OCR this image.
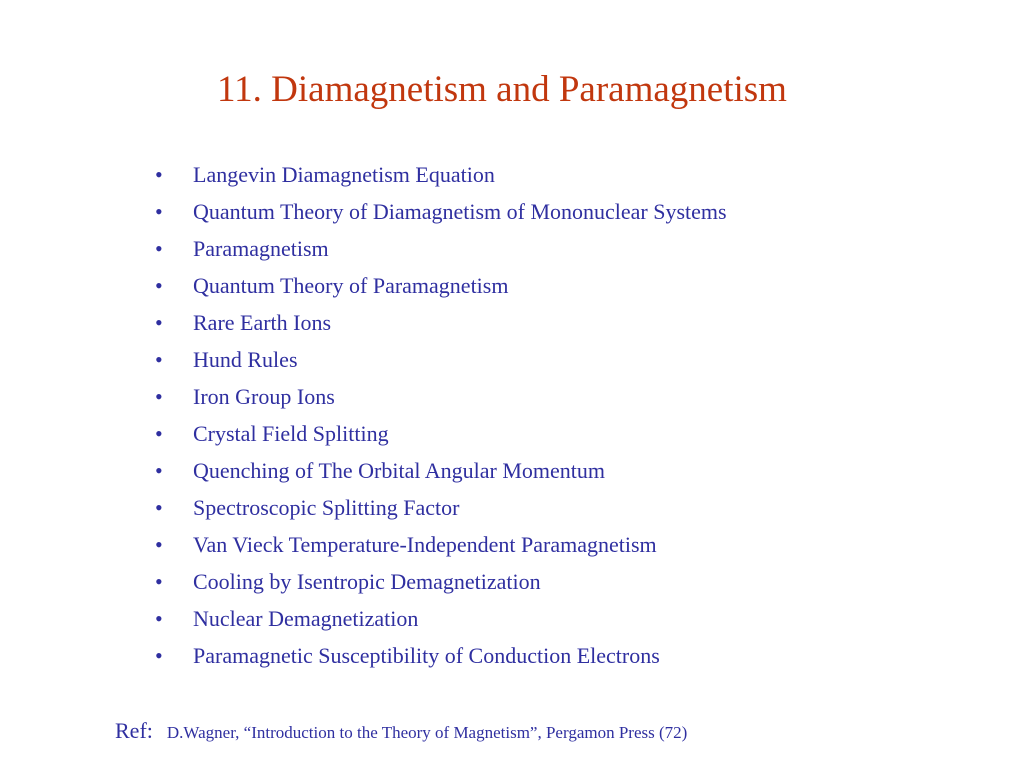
11. Diamagnetism and Paramagnetism
•	Langevin Diamagnetism Equation
•	Quantum Theory of Diamagnetism of Mononuclear Systems
•	Paramagnetism
•	Quantum Theory of Paramagnetism
•	Rare Earth Ions
•	Hund Rules
•	Iron Group Ions
•	Crystal Field Splitting
•	Quenching of The Orbital Angular Momentum
•	Spectroscopic Splitting Factor
•	Van Vieck Temperature-Independent Paramagnetism
•	Cooling by Isentropic Demagnetization
•	Nuclear Demagnetization
•	Paramagnetic Susceptibility of Conduction Electrons
Ref: D.Wagner, “Introduction to the Theory of Magnetism”, Pergamon Press (72)
